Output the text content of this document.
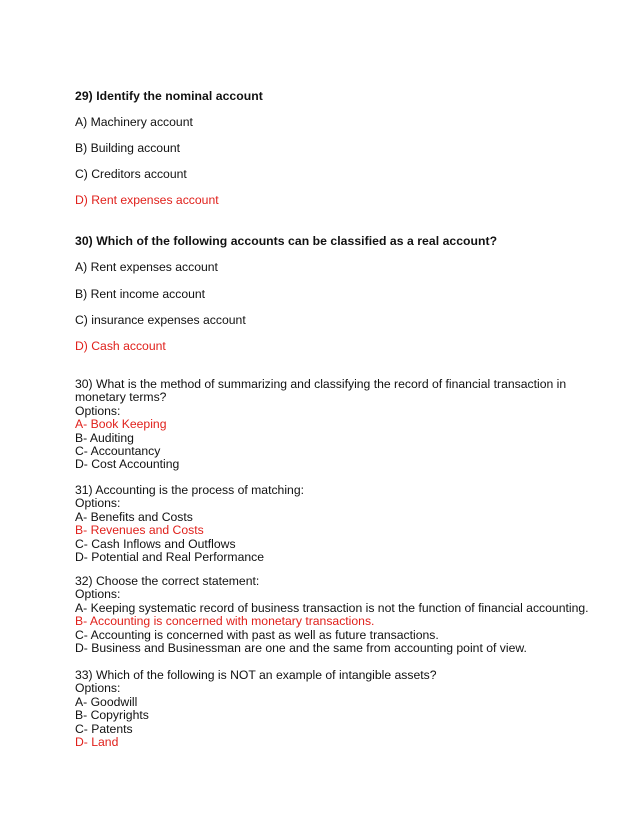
29) Identify the nominal account
A) Machinery account
B) Building account
C) Creditors account
D) Rent expenses account
30) Which of the following accounts can be classified as a real account?
A) Rent expenses account
B) Rent income account
C) insurance expenses account
D) Cash account
30) What is the method of summarizing and classifying the record of financial transaction in
monetary terms?
Options:
A- Book Keeping
B- Auditing
C- Accountancy
D- Cost Accounting
31) Accounting is the process of matching:
Options:
A- Benefits and Costs
B- Revenues and Costs
C- Cash Inflows and Outflows
D- Potential and Real Performance
32) Choose the correct statement:
Options:
A- Keeping systematic record of business transaction is not the function of financial accounting.
B- Accounting is concerned with monetary transactions.
C- Accounting is concerned with past as well as future transactions.
D- Business and Businessman are one and the same from accounting point of view.
33) Which of the following is NOT an example of intangible assets?
Options:
A- Goodwill
B- Copyrights
C- Patents
D- Land
